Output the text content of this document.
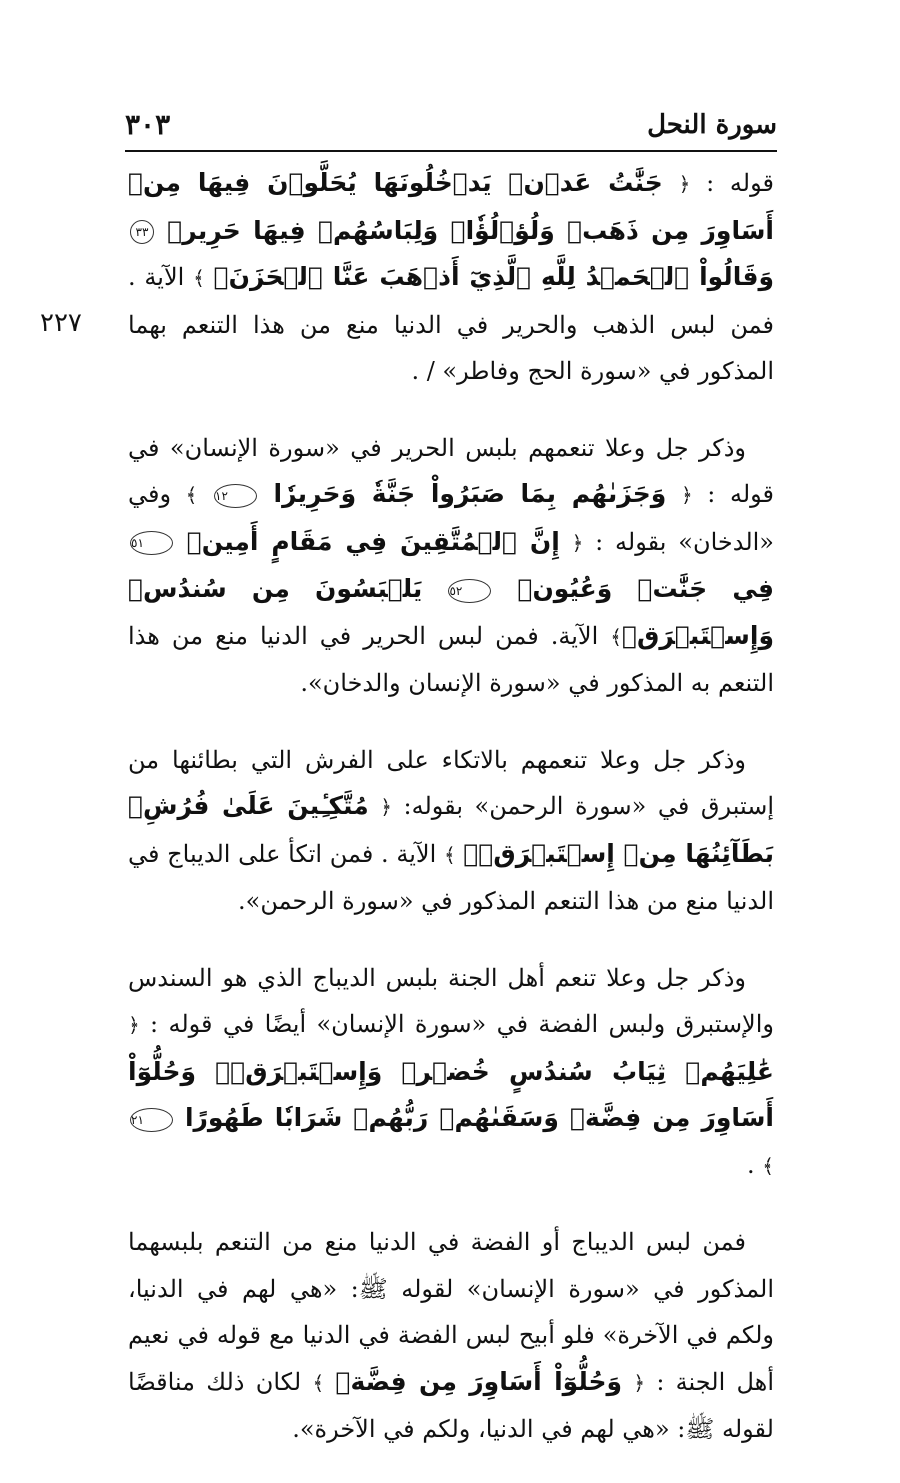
سورة النحل
٣٠٣
٢٢٧

قوله : ﴿ جَنَّٰتُ عَدۡنٖ يَدۡخُلُونَهَا يُحَلَّوۡنَ فِيهَا مِنۡ أَسَاوِرَ مِن ذَهَبٖ وَلُؤۡلُؤٗاۖ وَلِبَاسُهُمۡ فِيهَا حَرِيرٞ ٣٣ وَقَالُواْ ٱلۡحَمۡدُ لِلَّهِ ٱلَّذِيٓ أَذۡهَبَ عَنَّا ٱلۡحَزَنَۖ ﴾ الآية . فمن لبس الذهب والحرير في الدنيا منع من هذا التنعم بهما المذكور في «سورة الحج وفاطر» / .

وذكر جل وعلا تنعمهم بلبس الحرير في «سورة الإنسان» في قوله : ﴿ وَجَزَىٰهُم بِمَا صَبَرُواْ جَنَّةٗ وَحَرِيرٗا ١٢ ﴾ وفي «الدخان» بقوله : ﴿ إِنَّ ٱلۡمُتَّقِينَ فِي مَقَامٍ أَمِينٖ ٥١ فِي جَنَّٰتٖ وَعُيُونٖ ٥٢ يَلۡبَسُونَ مِن سُندُسٖ وَإِسۡتَبۡرَقٖ﴾ الآية. فمن لبس الحرير في الدنيا منع من هذا التنعم به المذكور في «سورة الإنسان والدخان».

وذكر جل وعلا تنعمهم بالاتكاء على الفرش التي بطائنها من إستبرق في «سورة الرحمن» بقوله: ﴿ مُتَّكِـِٔينَ عَلَىٰ فُرُشِۭ بَطَآئِنُهَا مِنۡ إِسۡتَبۡرَقٖۚ ﴾ الآية . فمن اتكأ على الديباج في الدنيا منع من هذا التنعم المذكور في «سورة الرحمن».

وذكر جل وعلا تنعم أهل الجنة بلبس الديباج الذي هو السندس والإستبرق ولبس الفضة في «سورة الإنسان» أيضًا في قوله : ﴿ عَٰلِيَهُمۡ ثِيَابُ سُندُسٍ خُضۡرٞ وَإِسۡتَبۡرَقٞۖ وَحُلُّوٓاْ أَسَاوِرَ مِن فِضَّةٖ وَسَقَىٰهُمۡ رَبُّهُمۡ شَرَابٗا طَهُورًا ٢١ ﴾ .

فمن لبس الديباج أو الفضة في الدنيا منع من التنعم بلبسهما المذكور في «سورة الإنسان» لقوله ﷺ: «هي لهم في الدنيا، ولكم في الآخرة» فلو أبيح لبس الفضة في الدنيا مع قوله في نعيم أهل الجنة : ﴿ وَحُلُّوٓاْ أَسَاوِرَ مِن فِضَّةٖ ﴾ لكان ذلك مناقضًا لقوله ﷺ: «هي لهم في الدنيا، ولكم في الآخرة».
